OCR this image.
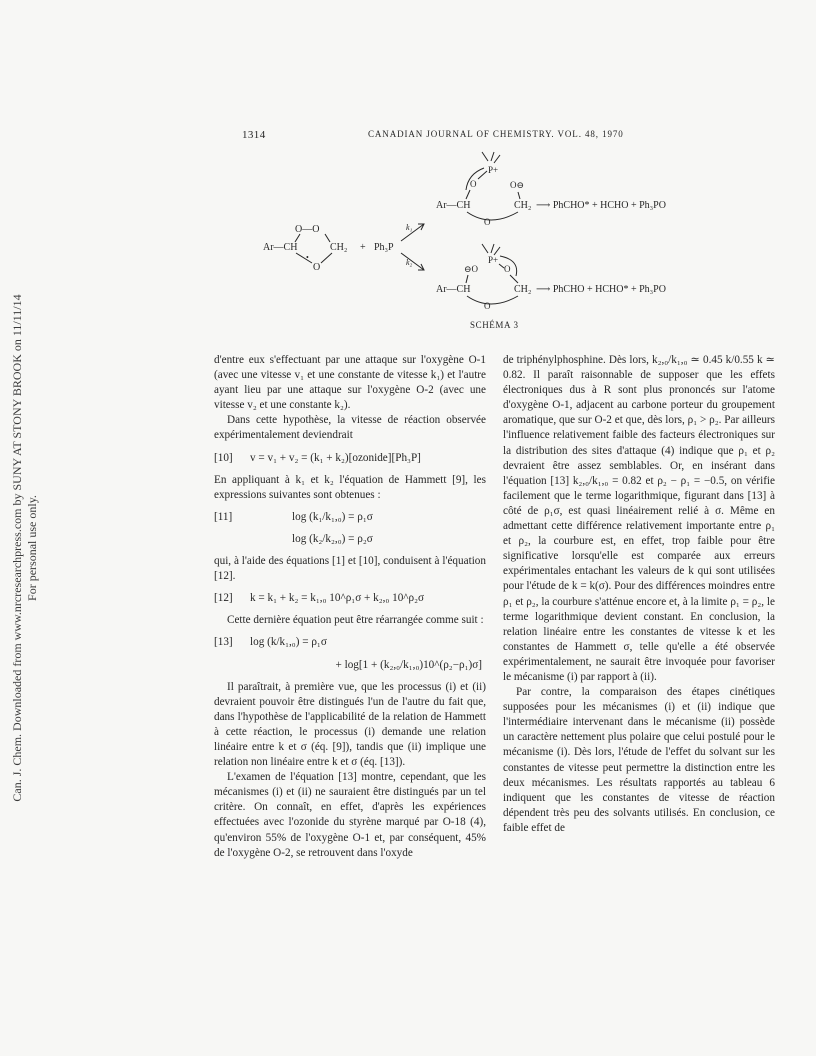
Can. J. Chem. Downloaded from www.nrcresearchpress.com by SUNY AT STONY BROOK on 11/11/14 For personal use only.
1314	CANADIAN JOURNAL OF CHEMISTRY. VOL. 48, 1970
Ar—CH	CH₂
O—O
O
•
+ Ph₃P
k₁
k₂
P+
O	O⊖
Ar—CH	CH₂
O
⟶ PhCHO* + HCHO + Ph₃PO
P+
⊖O	O
Ar—CH	CH₂
O
⟶ PhCHO + HCHO* + Ph₃PO
SCHÉMA 3

d'entre eux s'effectuant par une attaque sur l'oxygène O-1 (avec une vitesse v₁ et une constante de vitesse k₁) et l'autre ayant lieu par une attaque sur l'oxygène O-2 (avec une vitesse v₂ et une constante k₂).

Dans cette hypothèse, la vitesse de réaction observée expérimentalement deviendrait

[10]	v = v₁ + v₂ = (k₁ + k₂)[ozonide][Ph₃P]

En appliquant à k₁ et k₂ l'équation de Hammett [9], les expressions suivantes sont obtenues :

[11]	log (k₁/k₁,₀) = ρ₁σ
log (k₂/k₂,₀) = ρ₂σ

qui, à l'aide des équations [1] et [10], conduisent à l'équation [12].

[12]	k = k₁ + k₂ = k₁,₀ 10^ρ₁σ + k₂,₀ 10^ρ₂σ

Cette dernière équation peut être réarrangée comme suit :

[13]	log (k/k₁,₀) = ρ₁σ
+ log[1 + (k₂,₀/k₁,₀)10^(ρ₂−ρ₁)σ]

Il paraîtrait, à première vue, que les processus (i) et (ii) devraient pouvoir être distingués l'un de l'autre du fait que, dans l'hypothèse de l'applicabilité de la relation de Hammett à cette réaction, le processus (i) demande une relation linéaire entre k et σ (éq. [9]), tandis que (ii) implique une relation non linéaire entre k et σ (éq. [13]).

L'examen de l'équation [13] montre, cependant, que les mécanismes (i) et (ii) ne sauraient être distingués par un tel critère. On connaît, en effet, d'après les expériences effectuées avec l'ozonide du styrène marqué par O-18 (4), qu'environ 55% de l'oxygène O-1 et, par conséquent, 45% de l'oxygène O-2, se retrouvent dans l'oxyde

de triphénylphosphine. Dès lors, k₂,₀/k₁,₀ ≃ 0.45 k/0.55 k ≃ 0.82. Il paraît raisonnable de supposer que les effets électroniques dus à R sont plus prononcés sur l'atome d'oxygène O-1, adjacent au carbone porteur du groupement aromatique, que sur O-2 et que, dès lors, ρ₁ > ρ₂. Par ailleurs l'influence relativement faible des facteurs électroniques sur la distribution des sites d'attaque (4) indique que ρ₁ et ρ₂ devraient être assez semblables. Or, en insérant dans l'équation [13] k₂,₀/k₁,₀ = 0.82 et ρ₂ − ρ₁ = −0.5, on vérifie facilement que le terme logarithmique, figurant dans [13] à côté de ρ₁σ, est quasi linéairement relié à σ. Même en admettant cette différence relativement importante entre ρ₁ et ρ₂, la courbure est, en effet, trop faible pour être significative lorsqu'elle est comparée aux erreurs expérimentales entachant les valeurs de k qui sont utilisées pour l'étude de k = k(σ). Pour des différences moindres entre ρ₁ et ρ₂, la courbure s'atténue encore et, à la limite ρ₁ = ρ₂, le terme logarithmique devient constant. En conclusion, la relation linéaire entre les constantes de vitesse k et les constantes de Hammett σ, telle qu'elle a été observée expérimentalement, ne saurait être invoquée pour favoriser le mécanisme (i) par rapport à (ii).

Par contre, la comparaison des étapes cinétiques supposées pour les mécanismes (i) et (ii) indique que l'intermédiaire intervenant dans le mécanisme (ii) possède un caractère nettement plus polaire que celui postulé pour le mécanisme (i). Dès lors, l'étude de l'effet du solvant sur les constantes de vitesse peut permettre la distinction entre les deux mécanismes. Les résultats rapportés au tableau 6 indiquent que les constantes de vitesse de réaction dépendent très peu des solvants utilisés. En conclusion, ce faible effet de
